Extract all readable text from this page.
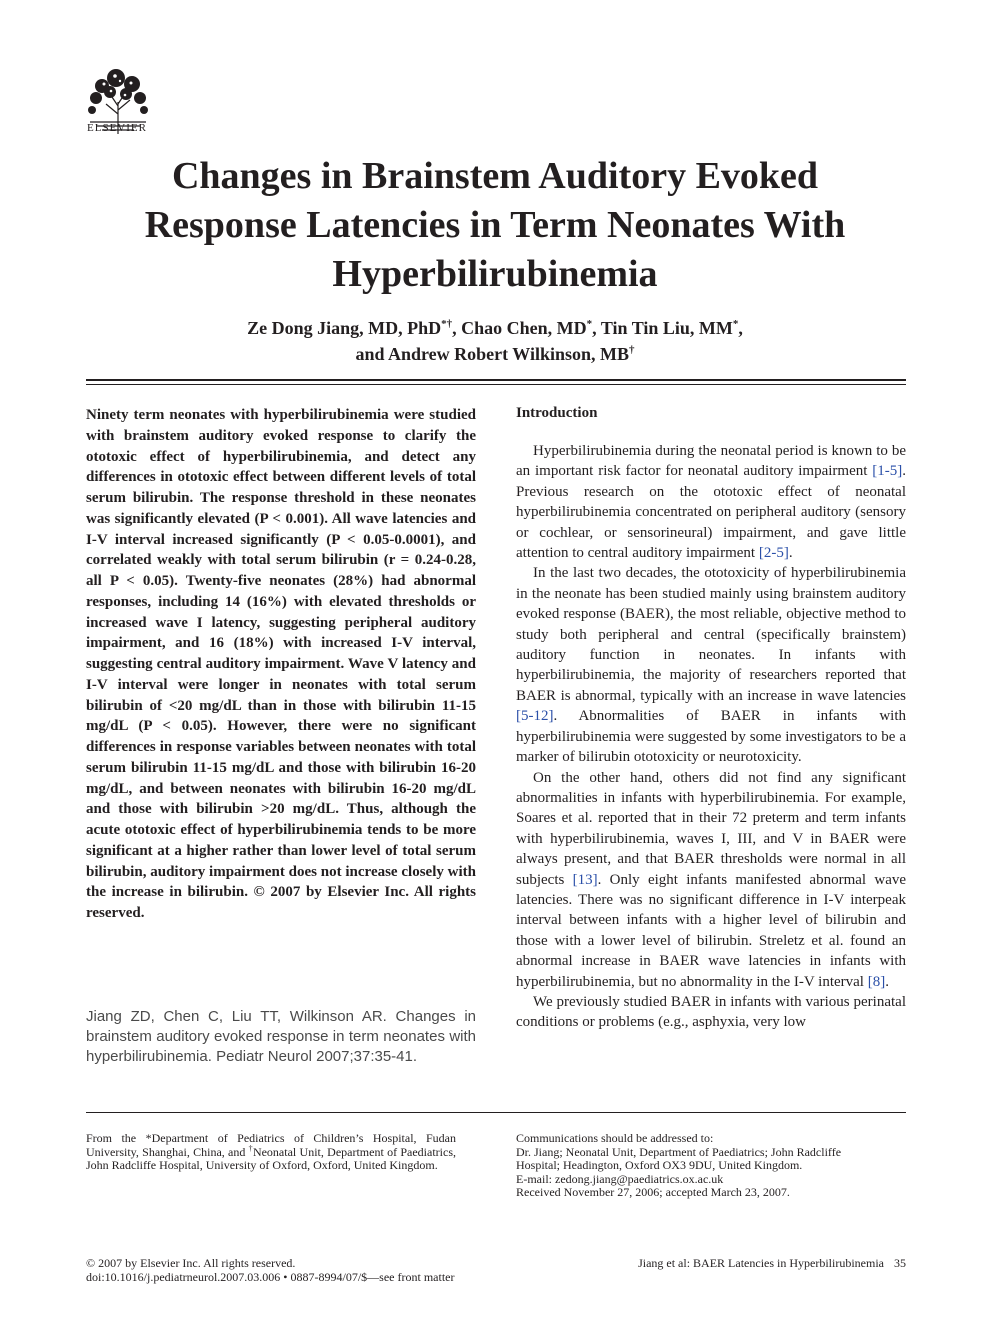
ELSEVIER
Changes in Brainstem Auditory Evoked Response Latencies in Term Neonates With Hyperbilirubinemia
Ze Dong Jiang, MD, PhD*†, Chao Chen, MD*, Tin Tin Liu, MM*,
and Andrew Robert Wilkinson, MB†

Ninety term neonates with hyperbilirubinemia were studied with brainstem auditory evoked response to clarify the ototoxic effect of hyperbilirubinemia, and detect any differences in ototoxic effect between different levels of total serum bilirubin. The response threshold in these neonates was significantly elevated (P < 0.001). All wave latencies and I-V interval increased significantly (P < 0.05-0.0001), and correlated weakly with total serum bilirubin (r = 0.24-0.28, all P < 0.05). Twenty-five neonates (28%) had abnormal responses, including 14 (16%) with elevated thresholds or increased wave I latency, suggesting peripheral auditory impairment, and 16 (18%) with increased I-V interval, suggesting central auditory impairment. Wave V latency and I-V interval were longer in neonates with total serum bilirubin of <20 mg/dL than in those with bilirubin 11-15 mg/dL (P < 0.05). However, there were no significant differences in response variables between neonates with total serum bilirubin 11-15 mg/dL and those with bilirubin 16-20 mg/dL, and between neonates with bilirubin 16-20 mg/dL and those with bilirubin >20 mg/dL. Thus, although the acute ototoxic effect of hyperbilirubinemia tends to be more significant at a higher rather than lower level of total serum bilirubin, auditory impairment does not increase closely with the increase in bilirubin. © 2007 by Elsevier Inc. All rights reserved.

Jiang ZD, Chen C, Liu TT, Wilkinson AR. Changes in brainstem auditory evoked response in term neonates with hyperbilirubinemia. Pediatr Neurol 2007;37:35-41.

Introduction

Hyperbilirubinemia during the neonatal period is known to be an important risk factor for neonatal auditory impairment [1-5]. Previous research on the ototoxic effect of neonatal hyperbilirubinemia concentrated on peripheral auditory (sensory or cochlear, or sensorineural) impairment, and gave little attention to central auditory impairment [2-5].

In the last two decades, the ototoxicity of hyperbilirubinemia in the neonate has been studied mainly using brainstem auditory evoked response (BAER), the most reliable, objective method to study both peripheral and central (specifically brainstem) auditory function in neonates. In infants with hyperbilirubinemia, the majority of researchers reported that BAER is abnormal, typically with an increase in wave latencies [5-12]. Abnormalities of BAER in infants with hyperbilirubinemia were suggested by some investigators to be a marker of bilirubin ototoxicity or neurotoxicity.

On the other hand, others did not find any significant abnormalities in infants with hyperbilirubinemia. For example, Soares et al. reported that in their 72 preterm and term infants with hyperbilirubinemia, waves I, III, and V in BAER were always present, and that BAER thresholds were normal in all subjects [13]. Only eight infants manifested abnormal wave latencies. There was no significant difference in I-V interpeak interval between infants with a higher level of bilirubin and those with a lower level of bilirubin. Streletz et al. found an abnormal increase in BAER wave latencies in infants with hyperbilirubinemia, but no abnormality in the I-V interval [8].

We previously studied BAER in infants with various perinatal conditions or problems (e.g., asphyxia, very low

From the *Department of Pediatrics of Children’s Hospital, Fudan University, Shanghai, China, and †Neonatal Unit, Department of Paediatrics, John Radcliffe Hospital, University of Oxford, Oxford, United Kingdom.

Communications should be addressed to:
Dr. Jiang; Neonatal Unit, Department of Paediatrics; John Radcliffe
Hospital; Headington, Oxford OX3 9DU, United Kingdom.
E-mail: zedong.jiang@paediatrics.ox.ac.uk
Received November 27, 2006; accepted March 23, 2007.
© 2007 by Elsevier Inc. All rights reserved.
doi:10.1016/j.pediatrneurol.2007.03.006 • 0887-8994/07/$—see front matter
Jiang et al: BAER Latencies in Hyperbilirubinemia 35
